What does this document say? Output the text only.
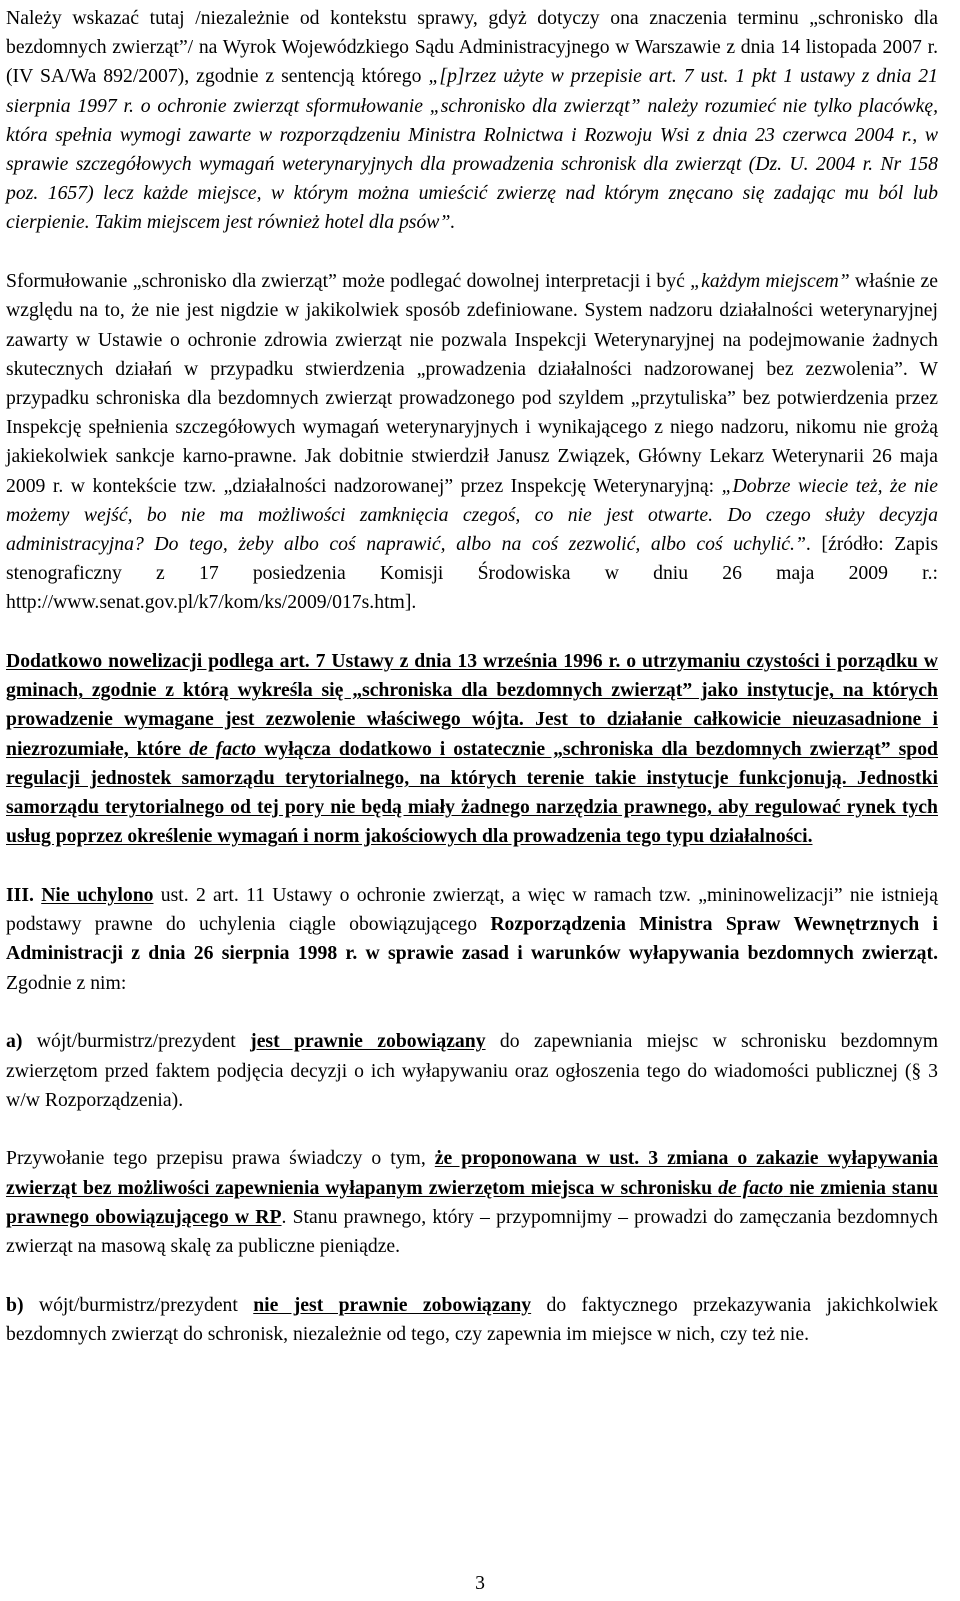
Należy wskazać tutaj /niezależnie od kontekstu sprawy, gdyż dotyczy ona znaczenia terminu „schronisko dla bezdomnych zwierząt”/ na Wyrok Wojewódzkiego Sądu Administracyjnego w Warszawie z dnia 14 listopada 2007 r. (IV SA/Wa 892/2007), zgodnie z sentencją którego „[p]rzez użyte w przepisie art. 7 ust. 1 pkt 1 ustawy z dnia 21 sierpnia 1997 r. o ochronie zwierząt sformułowanie „schronisko dla zwierząt” należy rozumieć nie tylko placówkę, która spełnia wymogi zawarte w rozporządzeniu Ministra Rolnictwa i Rozwoju Wsi z dnia 23 czerwca 2004 r., w sprawie szczegółowych wymagań weterynaryjnych dla prowadzenia schronisk dla zwierząt (Dz. U. 2004 r. Nr 158 poz. 1657) lecz każde miejsce, w którym można umieścić zwierzę nad którym znęcano się zadając mu ból lub cierpienie. Takim miejscem jest również hotel dla psów”.

Sformułowanie „schronisko dla zwierząt” może podlegać dowolnej interpretacji i być „każdym miejscem” właśnie ze względu na to, że nie jest nigdzie w jakikolwiek sposób zdefiniowane. System nadzoru działalności weterynaryjnej zawarty w Ustawie o ochronie zdrowia zwierząt nie pozwala Inspekcji Weterynaryjnej na podejmowanie żadnych skutecznych działań w przypadku stwierdzenia „prowadzenia działalności nadzorowanej bez zezwolenia”. W przypadku schroniska dla bezdomnych zwierząt prowadzonego pod szyldem „przytuliska” bez potwierdzenia przez Inspekcję spełnienia szczegółowych wymagań weterynaryjnych i wynikającego z niego nadzoru, nikomu nie grożą jakiekolwiek sankcje karno-prawne. Jak dobitnie stwierdził Janusz Związek, Główny Lekarz Weterynarii 26 maja 2009 r. w kontekście tzw. „działalności nadzorowanej” przez Inspekcję Weterynaryjną: „Dobrze wiecie też, że nie możemy wejść, bo nie ma możliwości zamknięcia czegoś, co nie jest otwarte. Do czego służy decyzja administracyjna? Do tego, żeby albo coś naprawić, albo na coś zezwolić, albo coś uchylić.”. [źródło: Zapis stenograficzny z 17 posiedzenia Komisji Środowiska w dniu 26 maja 2009 r.: http://www.senat.gov.pl/k7/kom/ks/2009/017s.htm].

Dodatkowo nowelizacji podlega art. 7 Ustawy z dnia 13 września 1996 r. o utrzymaniu czystości i porządku w gminach, zgodnie z którą wykreśla się „schroniska dla bezdomnych zwierząt” jako instytucje, na których prowadzenie wymagane jest zezwolenie właściwego wójta. Jest to działanie całkowicie nieuzasadnione i niezrozumiałe, które de facto wyłącza dodatkowo i ostatecznie „schroniska dla bezdomnych zwierząt” spod regulacji jednostek samorządu terytorialnego, na których terenie takie instytucje funkcjonują. Jednostki samorządu terytorialnego od tej pory nie będą miały żadnego narzędzia prawnego, aby regulować rynek tych usług poprzez określenie wymagań i norm jakościowych dla prowadzenia tego typu działalności.

III. Nie uchylono ust. 2 art. 11 Ustawy o ochronie zwierząt, a więc w ramach tzw. „mininowelizacji” nie istnieją podstawy prawne do uchylenia ciągle obowiązującego Rozporządzenia Ministra Spraw Wewnętrznych i Administracji z dnia 26 sierpnia 1998 r. w sprawie zasad i warunków wyłapywania bezdomnych zwierząt. Zgodnie z nim:

a) wójt/burmistrz/prezydent jest prawnie zobowiązany do zapewniania miejsc w schronisku bezdomnym zwierzętom przed faktem podjęcia decyzji o ich wyłapywaniu oraz ogłoszenia tego do wiadomości publicznej (§ 3 w/w Rozporządzenia).

Przywołanie tego przepisu prawa świadczy o tym, że proponowana w ust. 3 zmiana o zakazie wyłapywania zwierząt bez możliwości zapewnienia wyłapanym zwierzętom miejsca w schronisku de facto nie zmienia stanu prawnego obowiązującego w RP. Stanu prawnego, który – przypomnijmy – prowadzi do zamęczania bezdomnych zwierząt na masową skalę za publiczne pieniądze.

b) wójt/burmistrz/prezydent nie jest prawnie zobowiązany do faktycznego przekazywania jakichkolwiek bezdomnych zwierząt do schronisk, niezależnie od tego, czy zapewnia im miejsce w nich, czy też nie.

3
